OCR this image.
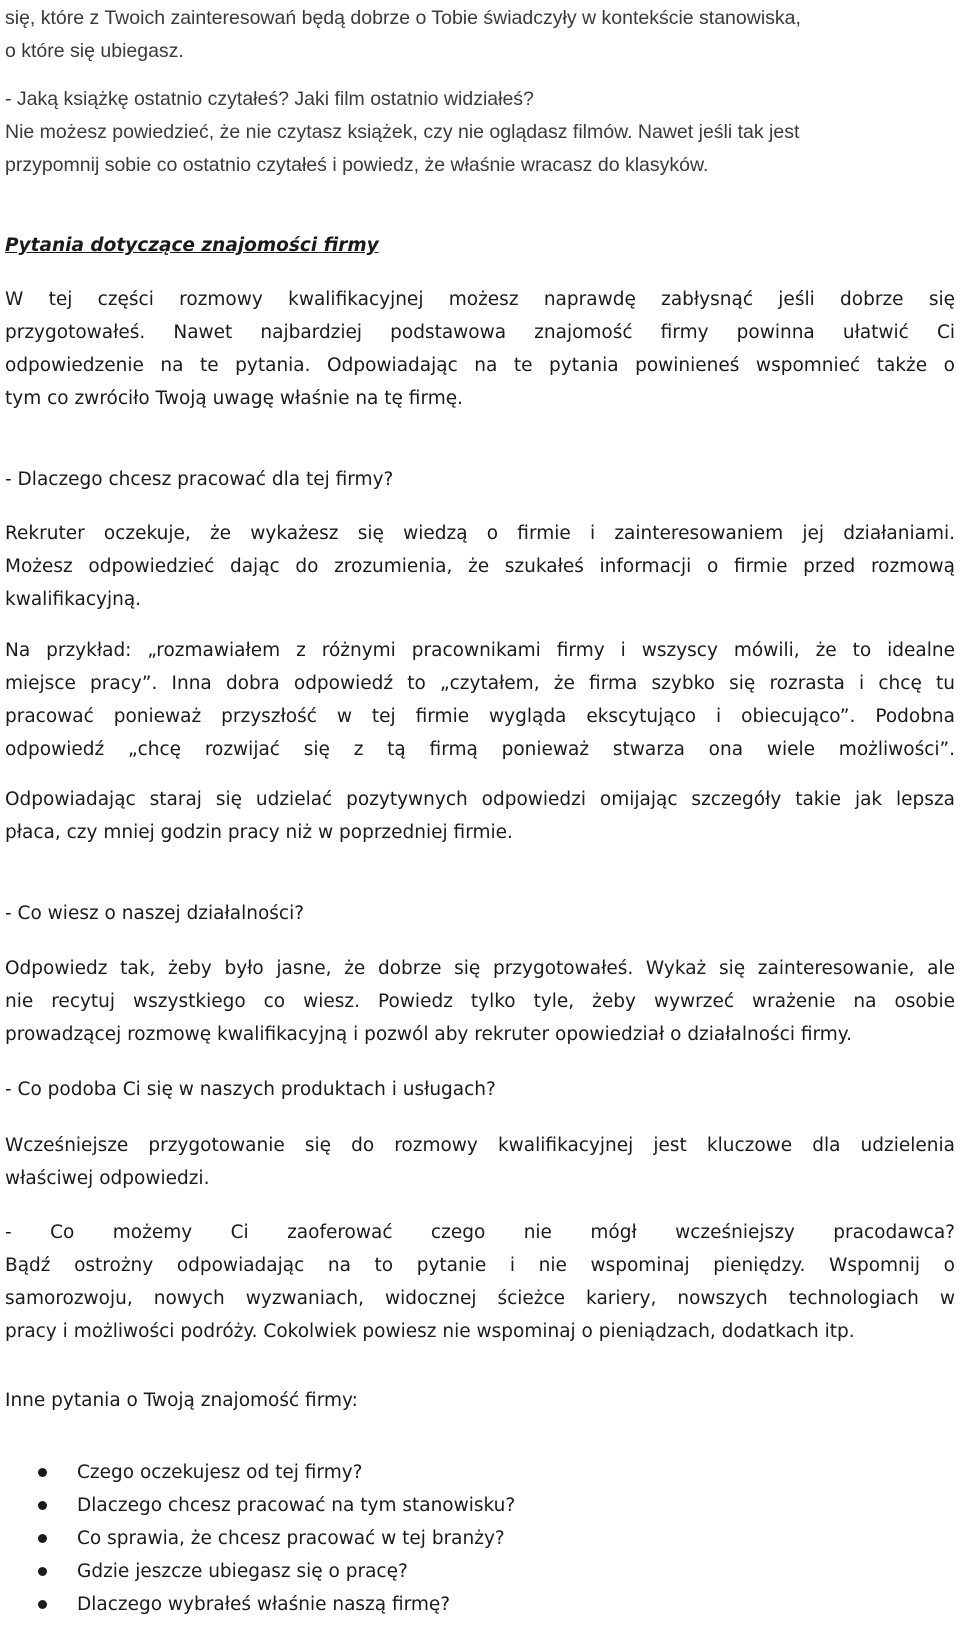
się, które z Twoich zainteresowań będą dobrze o Tobie świadczyły w kontekście stanowiska,
o które się ubiegasz.

- Jaką książkę ostatnio czytałeś? Jaki film ostatnio widziałeś?
Nie możesz powiedzieć, że nie czytasz książek, czy nie oglądasz filmów. Nawet jeśli tak jest
przypomnij sobie co ostatnio czytałeś i powiedz, że właśnie wracasz do klasyków.

Pytania dotyczące znajomości firmy

W tej części rozmowy kwalifikacyjnej możesz naprawdę zabłysnąć jeśli dobrze się
przygotowałeś. Nawet najbardziej podstawowa znajomość firmy powinna ułatwić Ci
odpowiedzenie na te pytania. Odpowiadając na te pytania powinieneś wspomnieć także o
tym co zwróciło Twoją uwagę właśnie na tę firmę.

- Dlaczego chcesz pracować dla tej firmy?

Rekruter oczekuje, że wykażesz się wiedzą o firmie i zainteresowaniem jej działaniami.
Możesz odpowiedzieć dając do zrozumienia, że szukałeś informacji o firmie przed rozmową
kwalifikacyjną.

Na przykład: „rozmawiałem z różnymi pracownikami firmy i wszyscy mówili, że to idealne
miejsce pracy”. Inna dobra odpowiedź to „czytałem, że firma szybko się rozrasta i chcę tu
pracować ponieważ przyszłość w tej firmie wygląda ekscytująco i obiecująco”. Podobna
odpowiedź „chcę rozwijać się z tą firmą ponieważ stwarza ona wiele możliwości”.

Odpowiadając staraj się udzielać pozytywnych odpowiedzi omijając szczegóły takie jak lepsza
płaca, czy mniej godzin pracy niż w poprzedniej firmie.

- Co wiesz o naszej działalności?

Odpowiedz tak, żeby było jasne, że dobrze się przygotowałeś. Wykaż się zainteresowanie, ale
nie recytuj wszystkiego co wiesz. Powiedz tylko tyle, żeby wywrzeć wrażenie na osobie
prowadzącej rozmowę kwalifikacyjną i pozwól aby rekruter opowiedział o działalności firmy.

- Co podoba Ci się w naszych produktach i usługach?

Wcześniejsze przygotowanie się do rozmowy kwalifikacyjnej jest kluczowe dla udzielenia
właściwej odpowiedzi.

- Co możemy Ci zaoferować czego nie mógł wcześniejszy pracodawca?
Bądź ostrożny odpowiadając na to pytanie i nie wspominaj pieniędzy. Wspomnij o
samorozwoju, nowych wyzwaniach, widocznej ścieżce kariery, nowszych technologiach w
pracy i możliwości podróży. Cokolwiek powiesz nie wspominaj o pieniądzach, dodatkach itp.

Inne pytania o Twoją znajomość firmy:

Czego oczekujesz od tej firmy?
Dlaczego chcesz pracować na tym stanowisku?
Co sprawia, że chcesz pracować w tej branży?
Gdzie jeszcze ubiegasz się o pracę?
Dlaczego wybrałeś właśnie naszą firmę?
